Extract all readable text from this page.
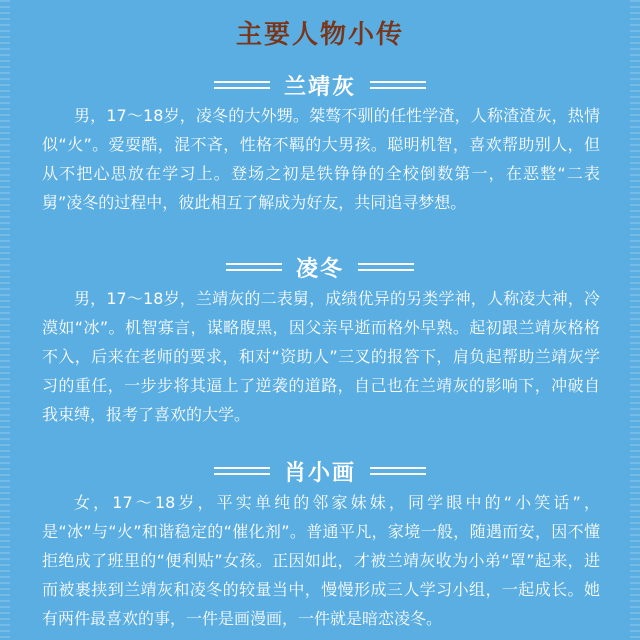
主要人物小传
兰靖灰
男，17～18岁，凌冬的大外甥。桀骜不驯的任性学渣，人称渣渣灰，热情似“火”。爱耍酷，混不吝，性格不羁的大男孩。聪明机智，喜欢帮助别人，但从不把心思放在学习上。登场之初是铁铮铮的全校倒数第一，在恶整“二表舅”凌冬的过程中，彼此相互了解成为好友，共同追寻梦想。
凌冬
男，17～18岁，兰靖灰的二表舅，成绩优异的另类学神，人称凌大神，冷漠如“冰”。机智寡言，谋略腹黑，因父亲早逝而格外早熟。起初跟兰靖灰格格不入，后来在老师的要求，和对“资助人”三叉的报答下，肩负起帮助兰靖灰学习的重任，一步步将其逼上了逆袭的道路，自己也在兰靖灰的影响下，冲破自我束缚，报考了喜欢的大学。
肖小画
女，17～18岁，平实单纯的邻家妹妹，同学眼中的“小笑话”，是“冰”与“火”和谐稳定的“催化剂”。普通平凡，家境一般，随遇而安，因不懂拒绝成了班里的“便利贴”女孩。正因如此，才被兰靖灰收为小弟“罩”起来，进而被裹挟到兰靖灰和凌冬的较量当中，慢慢形成三人学习小组，一起成长。她有两件最喜欢的事，一件是画漫画，一件就是暗恋凌冬。
